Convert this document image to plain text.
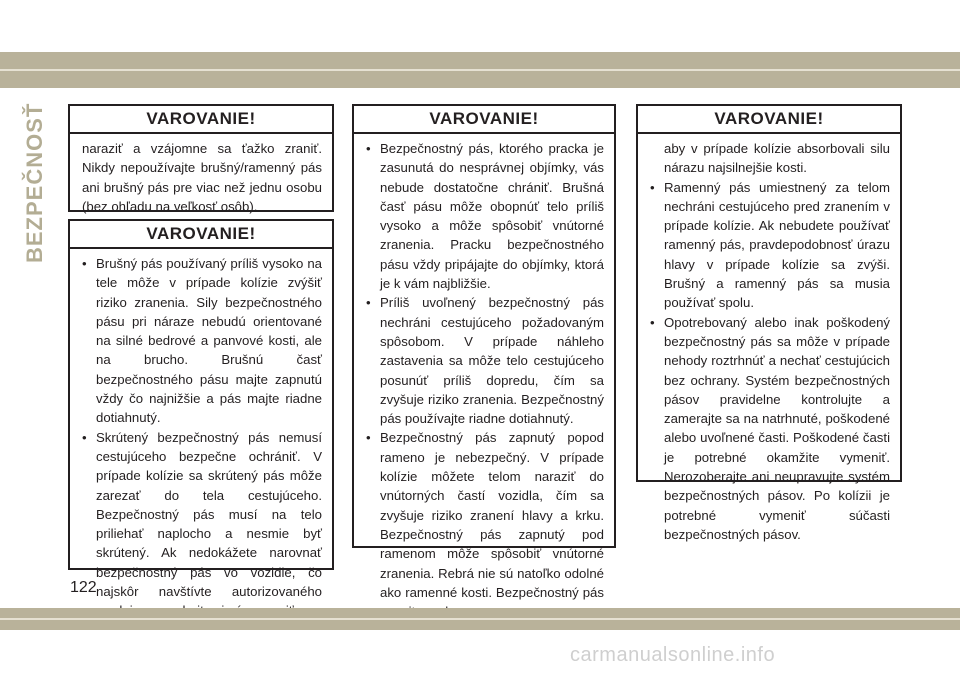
BEZPEČNOSŤ	VAROVANIE!
naraziť a vzájomne sa ťažko zraniť. Nikdy nepoužívajte brušný/ramenný pás ani brušný pás pre viac než jednu osobu (bez ohľadu na veľkosť osôb).
VAROVANIE!
• Brušný pás používaný príliš vysoko na tele môže v prípade kolízie zvýšiť riziko zranenia. Sily bezpečnostného pásu pri náraze nebudú orientované na silné bedrové a panvové kosti, ale na brucho. Brušnú časť bezpečnostného pásu majte zapnutú vždy čo najnižšie a pás majte riadne dotiahnutý.
• Skrútený bezpečnostný pás nemusí cestujúceho bezpečne ochrániť. V prípade kolízie sa skrútený pás môže zarezať do tela cestujúceho. Bezpečnostný pás musí na telo priliehať naplocho a nesmie byť skrútený. Ak nedokážete narovnať bezpečnostný pás vo vozidle, čo najskôr navštívte autorizovaného
VAROVANIE!
• Bezpečnostný pás, ktorého pracka je zasunutá do nesprávnej objímky, vás nebude dostatočne chrániť. Brušná časť pásu môže obopnúť telo príliš vysoko a môže spôsobiť vnútorné zranenia. Pracku bezpečnostného pásu vždy pripájajte do objímky, ktorá je k vám najbližšie.
• Príliš uvoľnený bezpečnostný pás nechráni cestujúceho požadovaným spôsobom. V prípade náhleho zastavenia sa môže telo cestujúceho posunúť príliš dopredu, čím sa zvyšuje riziko zranenia. Bezpečnostný pás používajte riadne dotiahnutý.
• Bezpečnostný pás zapnutý popod ramenо je nebezpečný. V prípade kolízie môžete telom naraziť do vnútorných častí vozidla, čím sa zvyšuje riziko zranení hlavy a krku. Bezpečnostný pás zapnutý pod ramenom môže spôsobiť vnútorné zranenia. Rebrá nie sú natoľko odolné ako ramenné kosti. Bezpečnostný pás
VAROVANIE!
aby v prípade kolízie absorbovali silu nárazu najsilnejšie kosti.
• Ramenný pás umiestnený za telom nechráni cestujúceho pred zranením v prípade kolízie. Ak nebudete používať ramenný pás, pravdepodobnosť úrazu hlavy v prípade kolízie sa zvýši. Brušný a ramenný pás sa musia používať spolu.
• Opotrebovaný alebo inak poškodený bezpečnostný pás sa môže v prípade nehody roztrhnúť a nechať cestujúcich bez ochrany. Systém bezpečnostných pásov pravidelne kontrolujte a zamerajte sa na natrhnuté, poškodené alebo uvoľnené časti. Poškodené časti je potrebné okamžite vymeniť. Nerozoberajte ani neupravujte systém bezpečnostných pásov. Po kolízii je potrebné vymeniť súčasti bezpečnostných pásov.
122
carmanualsonline.info
